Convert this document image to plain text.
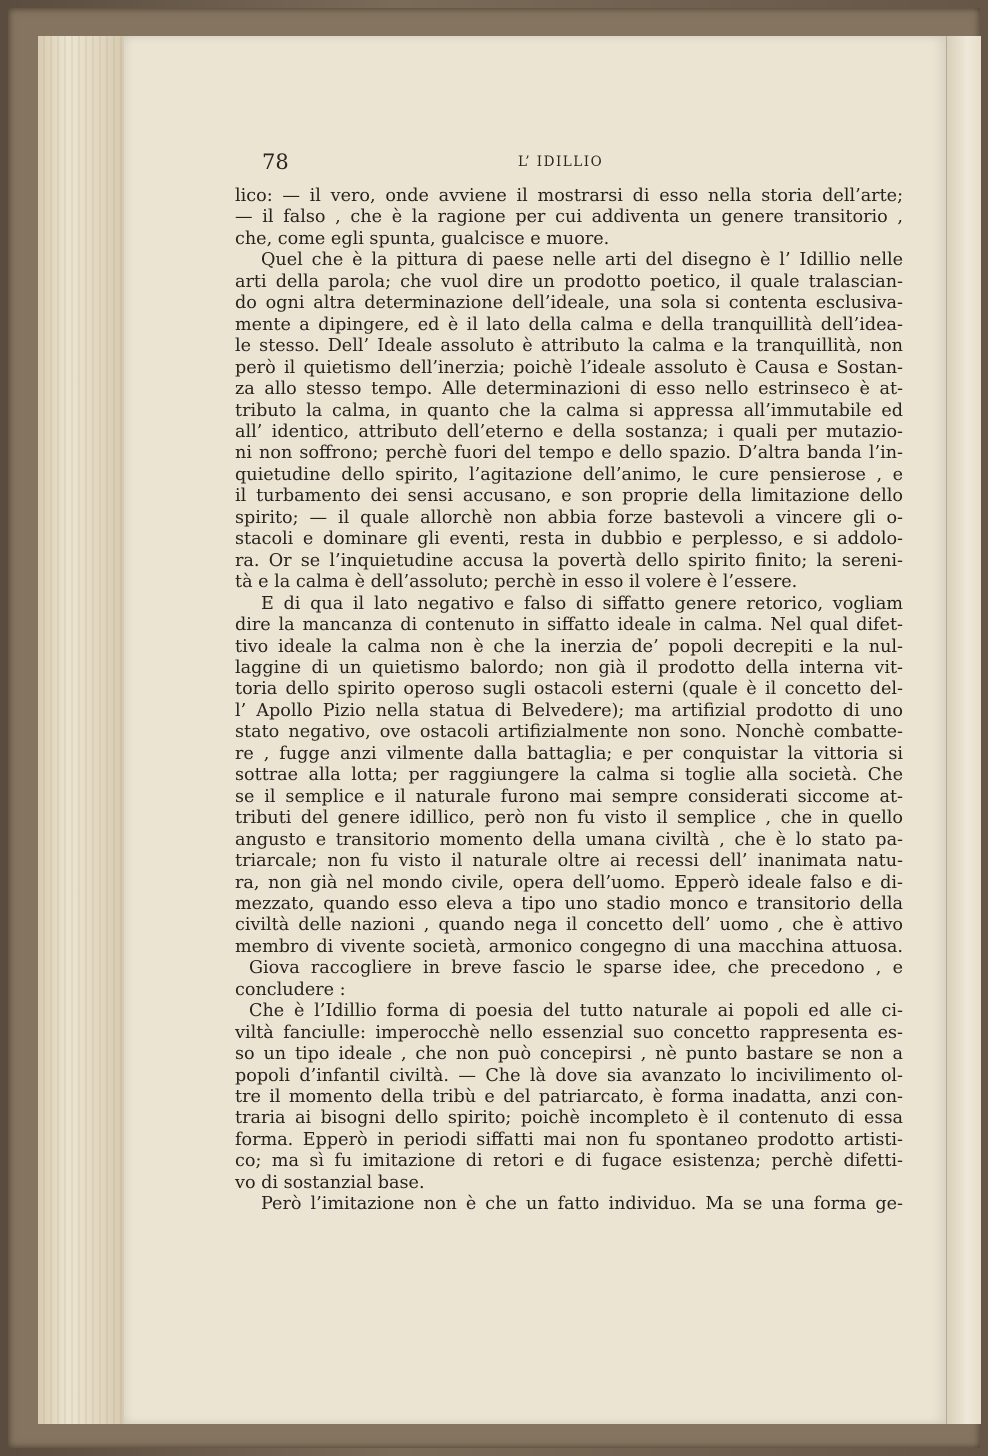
78	L’ IDILLIO
lico: — il vero, onde avviene il mostrarsi di esso nella storia dell’arte;
— il falso , che è la ragione per cui addiventa un genere transitorio ,
che, come egli spunta, gualcisce e muore.
Quel che è la pittura di paese nelle arti del disegno è l’ Idillio nelle
arti della parola; che vuol dire un prodotto poetico, il quale tralascian-
do ogni altra determinazione dell’ideale, una sola si contenta esclusiva-
mente a dipingere, ed è il lato della calma e della tranquillità dell’idea-
le stesso. Dell’ Ideale assoluto è attributo la calma e la tranquillità, non
però il quietismo dell’inerzia; poichè l’ideale assoluto è Causa e Sostan-
za allo stesso tempo. Alle determinazioni di esso nello estrinseco è at-
tributo la calma, in quanto che la calma si appressa all’immutabile ed
all’ identico, attributo dell’eterno e della sostanza; i quali per mutazio-
ni non soffrono; perchè fuori del tempo e dello spazio. D’altra banda l’in-
quietudine dello spirito, l’agitazione dell’animo, le cure pensierose , e
il turbamento dei sensi accusano, e son proprie della limitazione dello
spirito; — il quale allorchè non abbia forze bastevoli a vincere gli o-
stacoli e dominare gli eventi, resta in dubbio e perplesso, e si addolo-
ra. Or se l’inquietudine accusa la povertà dello spirito finito; la sereni-
tà e la calma è dell’assoluto; perchè in esso il volere è l’essere.
E di qua il lato negativo e falso di siffatto genere retorico, vogliam
dire la mancanza di contenuto in siffatto ideale in calma. Nel qual difet-
tivo ideale la calma non è che la inerzia de’ popoli decrepiti e la nul-
laggine di un quietismo balordo; non già il prodotto della interna vit-
toria dello spirito operoso sugli ostacoli esterni (quale è il concetto del-
l’ Apollo Pizio nella statua di Belvedere); ma artifizial prodotto di uno
stato negativo, ove ostacoli artifizialmente non sono. Nonchè combatte-
re , fugge anzi vilmente dalla battaglia; e per conquistar la vittoria si
sottrae alla lotta; per raggiungere la calma si toglie alla società. Che
se il semplice e il naturale furono mai sempre considerati siccome at-
tributi del genere idillico, però non fu visto il semplice , che in quello
angusto e transitorio momento della umana civiltà , che è lo stato pa-
triarcale; non fu visto il naturale oltre ai recessi dell’ inanimata natu-
ra, non già nel mondo civile, opera dell’uomo. Epperò ideale falso e di-
mezzato, quando esso eleva a tipo uno stadio monco e transitorio della
civiltà delle nazioni , quando nega il concetto dell’ uomo , che è attivo
membro di vivente società, armonico congegno di una macchina attuosa.
Giova raccogliere in breve fascio le sparse idee, che precedono , e
concludere :
Che è l’Idillio forma di poesia del tutto naturale ai popoli ed alle ci-
viltà fanciulle: imperocchè nello essenzial suo concetto rappresenta es-
so un tipo ideale , che non può concepirsi , nè punto bastare se non a
popoli d’infantil civiltà. — Che là dove sia avanzato lo incivilimento ol-
tre il momento della tribù e del patriarcato, è forma inadatta, anzi con-
traria ai bisogni dello spirito; poichè incompleto è il contenuto di essa
forma. Epperò in periodi siffatti mai non fu spontaneo prodotto artisti-
co; ma sì fu imitazione di retori e di fugace esistenza; perchè difetti-
vo di sostanzial base.
Però l’imitazione non è che un fatto individuo. Ma se una forma ge-
